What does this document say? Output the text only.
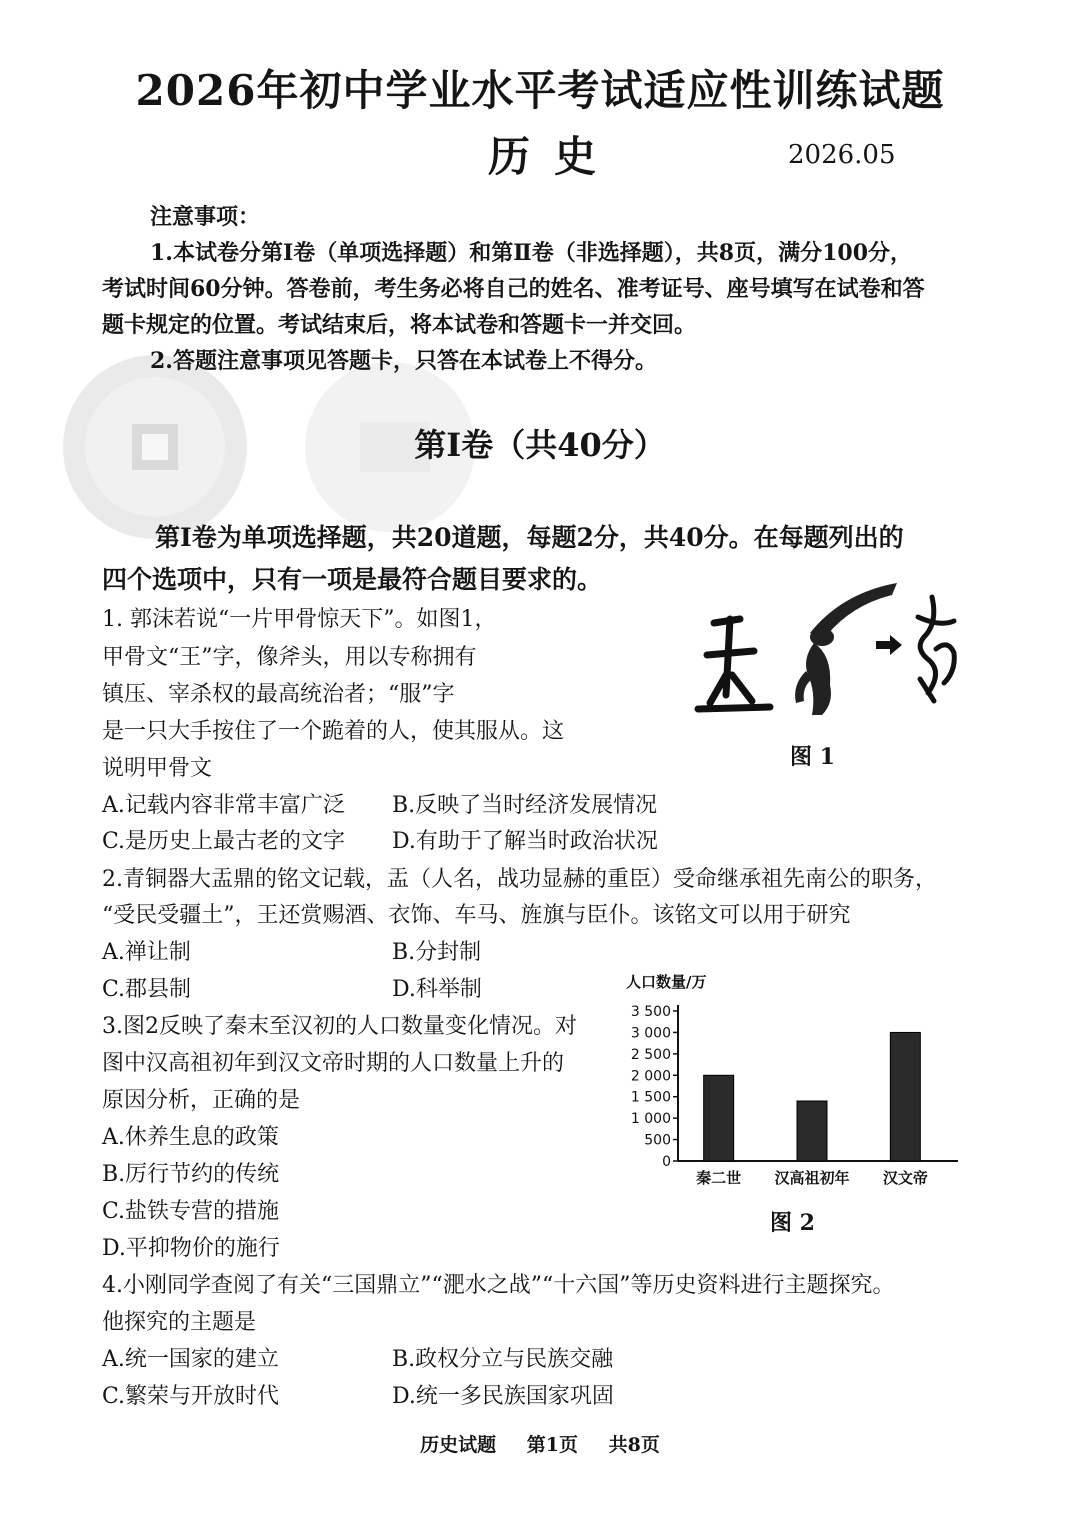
2026年初中学业水平考试适应性训练试题
历史	2026.05
注意事项：
1.本试卷分第Ⅰ卷（单项选择题）和第Ⅱ卷（非选择题），共8页，满分100分，
考试时间60分钟。答卷前，考生务必将自己的姓名、准考证号、座号填写在试卷和答
题卡规定的位置。考试结束后，将本试卷和答题卡一并交回。
2.答题注意事项见答题卡，只答在本试卷上不得分。
第Ⅰ卷（共40分）
第Ⅰ卷为单项选择题，共20道题，每题2分，共40分。在每题列出的
四个选项中，只有一项是最符合题目要求的。
1. 郭沫若说“一片甲骨惊天下”。如图1，
甲骨文“王”字，像斧头，用以专称拥有
镇压、宰杀权的最高统治者；“服”字
是一只大手按住了一个跪着的人，使其服从。这
说明甲骨文
A.记载内容非常丰富广泛 B.反映了当时经济发展情况
C.是历史上最古老的文字 D.有助于了解当时政治状况
图 1
2.青铜器大盂鼎的铭文记载，盂（人名，战功显赫的重臣）受命继承祖先南公的职务，
“受民受疆土”，王还赏赐酒、衣饰、车马、旌旗与臣仆。该铭文可以用于研究
A.禅让制	B.分封制
C.郡县制	D.科举制
3.图2反映了秦末至汉初的人口数量变化情况。对
图中汉高祖初年到汉文帝时期的人口数量上升的
原因分析，正确的是
A.休养生息的政策
B.厉行节约的传统
C.盐铁专营的措施
D.平抑物价的施行
人口数量/万
0
500
1 000
1 500
2 000
2 500
3 000
3 500
秦二世 汉高祖初年 汉文帝
图 2
4.小刚同学查阅了有关“三国鼎立”“淝水之战”“十六国”等历史资料进行主题探究。
他探究的主题是
A.统一国家的建立	B.政权分立与民族交融
C.繁荣与开放时代	D.统一多民族国家巩固
历史试题 第1页 共8页
